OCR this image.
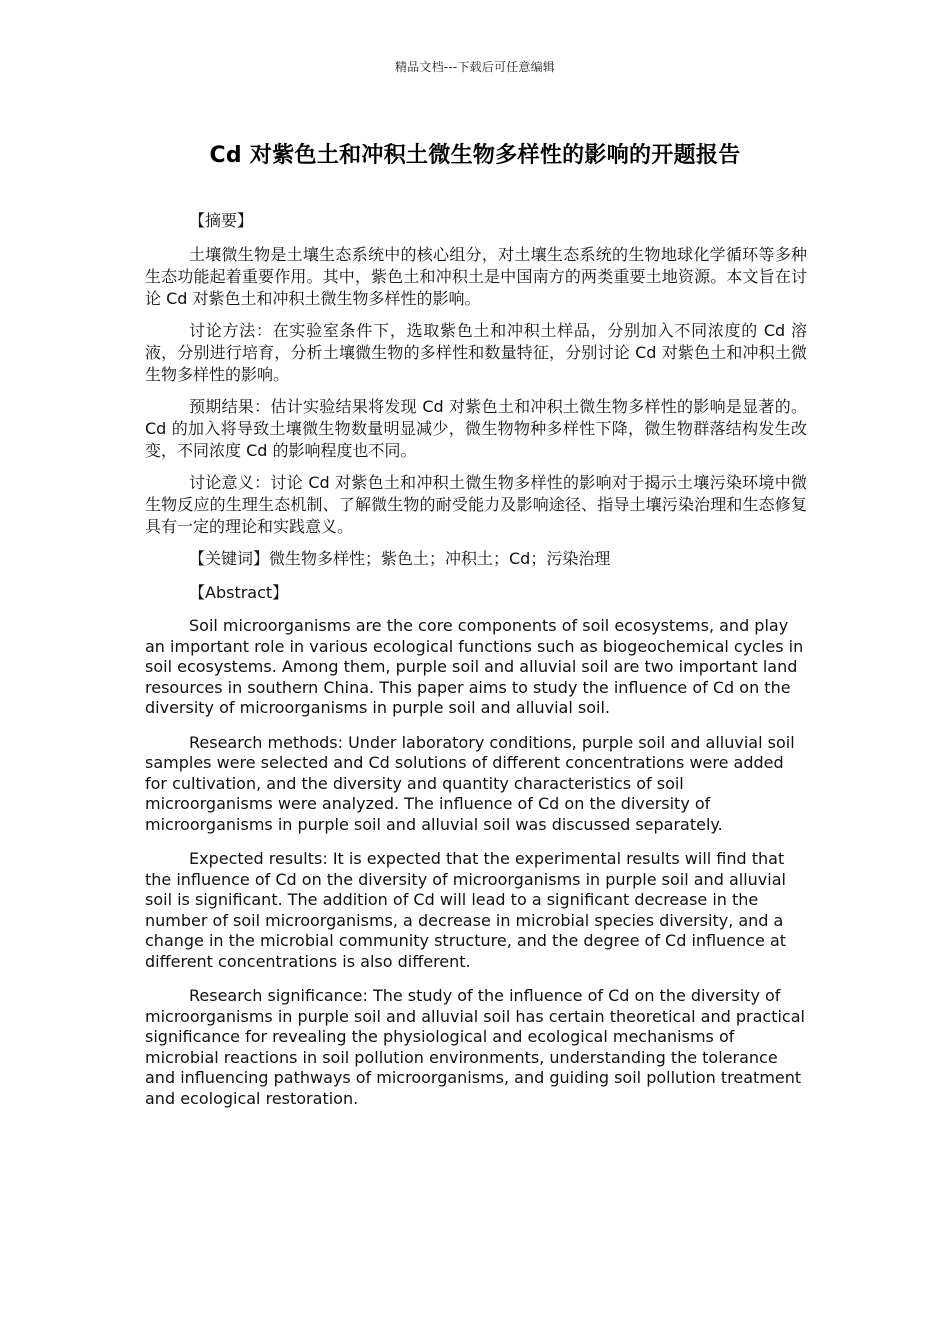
精品文档---下载后可任意编辑
Cd 对紫色土和冲积土微生物多样性的影响的开题报告

【摘要】

土壤微生物是土壤生态系统中的核心组分，对土壤生态系统的生物地球化学循环等多种生态功能起着重要作用。其中，紫色土和冲积土是中国南方的两类重要土地资源。本文旨在讨论 Cd 对紫色土和冲积土微生物多样性的影响。

讨论方法：在实验室条件下，选取紫色土和冲积土样品，分别加入不同浓度的 Cd 溶液，分别进行培育，分析土壤微生物的多样性和数量特征，分别讨论 Cd 对紫色土和冲积土微生物多样性的影响。

预期结果：估计实验结果将发现 Cd 对紫色土和冲积土微生物多样性的影响是显著的。Cd 的加入将导致土壤微生物数量明显减少，微生物物种多样性下降，微生物群落结构发生改变，不同浓度 Cd 的影响程度也不同。

讨论意义：讨论 Cd 对紫色土和冲积土微生物多样性的影响对于揭示土壤污染环境中微生物反应的生理生态机制、了解微生物的耐受能力及影响途径、指导土壤污染治理和生态修复具有一定的理论和实践意义。

【关键词】微生物多样性；紫色土；冲积土；Cd；污染治理

【Abstract】

Soil microorganisms are the core components of soil ecosystems, and play an important role in various ecological functions such as biogeochemical cycles in soil ecosystems. Among them, purple soil and alluvial soil are two important land resources in southern China. This paper aims to study the influence of Cd on the diversity of microorganisms in purple soil and alluvial soil.

Research methods: Under laboratory conditions, purple soil and alluvial soil samples were selected and Cd solutions of different concentrations were added for cultivation, and the diversity and quantity characteristics of soil microorganisms were analyzed. The influence of Cd on the diversity of microorganisms in purple soil and alluvial soil was discussed separately.

Expected results: It is expected that the experimental results will find that the influence of Cd on the diversity of microorganisms in purple soil and alluvial soil is significant. The addition of Cd will lead to a significant decrease in the number of soil microorganisms, a decrease in microbial species diversity, and a change in the microbial community structure, and the degree of Cd influence at different concentrations is also different.

Research significance: The study of the influence of Cd on the diversity of microorganisms in purple soil and alluvial soil has certain theoretical and practical significance for revealing the physiological and ecological mechanisms of microbial reactions in soil pollution environments, understanding the tolerance and influencing pathways of microorganisms, and guiding soil pollution treatment and ecological restoration.
